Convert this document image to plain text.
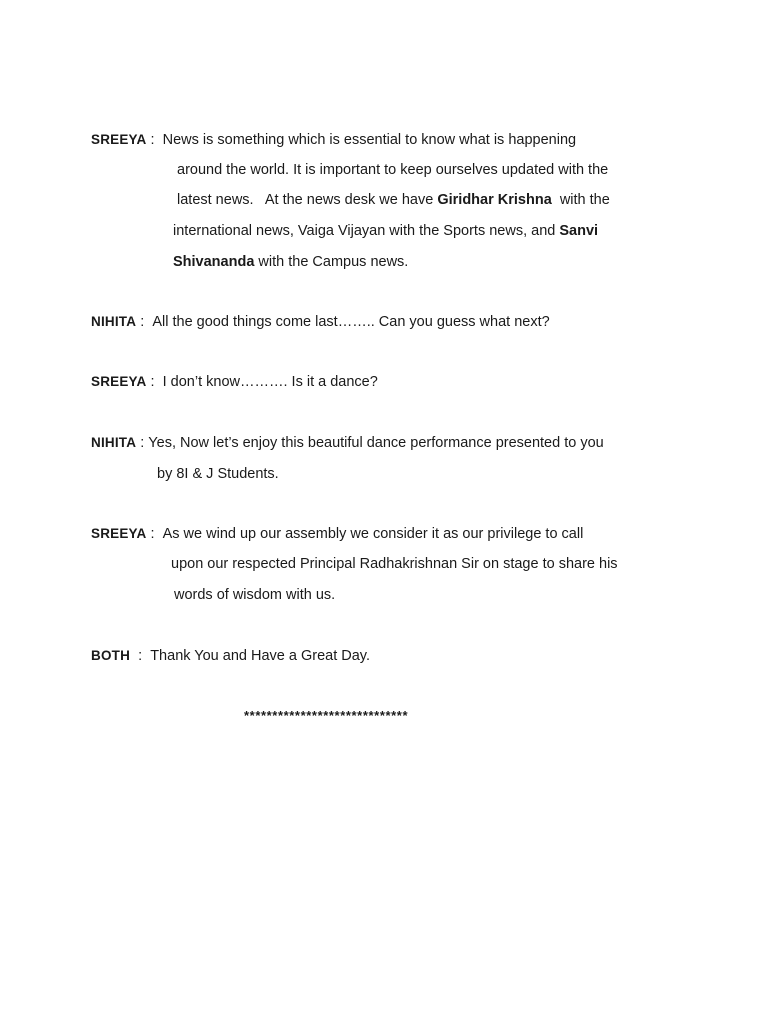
SREEYA :  News is something which is essential to know what is happening
around the world. It is important to keep ourselves updated with the
latest news.   At the news desk we have Giridhar Krishna  with the
international news, Vaiga Vijayan with the Sports news, and Sanvi
Shivananda with the Campus news.
NIHITA :  All the good things come last…….. Can you guess what next?
SREEYA :  I don’t know………. Is it a dance?
NIHITA : Yes, Now let’s enjoy this beautiful dance performance presented to you
by 8I & J Students.
SREEYA :  As we wind up our assembly we consider it as our privilege to call
upon our respected Principal Radhakrishnan Sir on stage to share his
words of wisdom with us.
BOTH  :  Thank You and Have a Great Day.
*****************************
